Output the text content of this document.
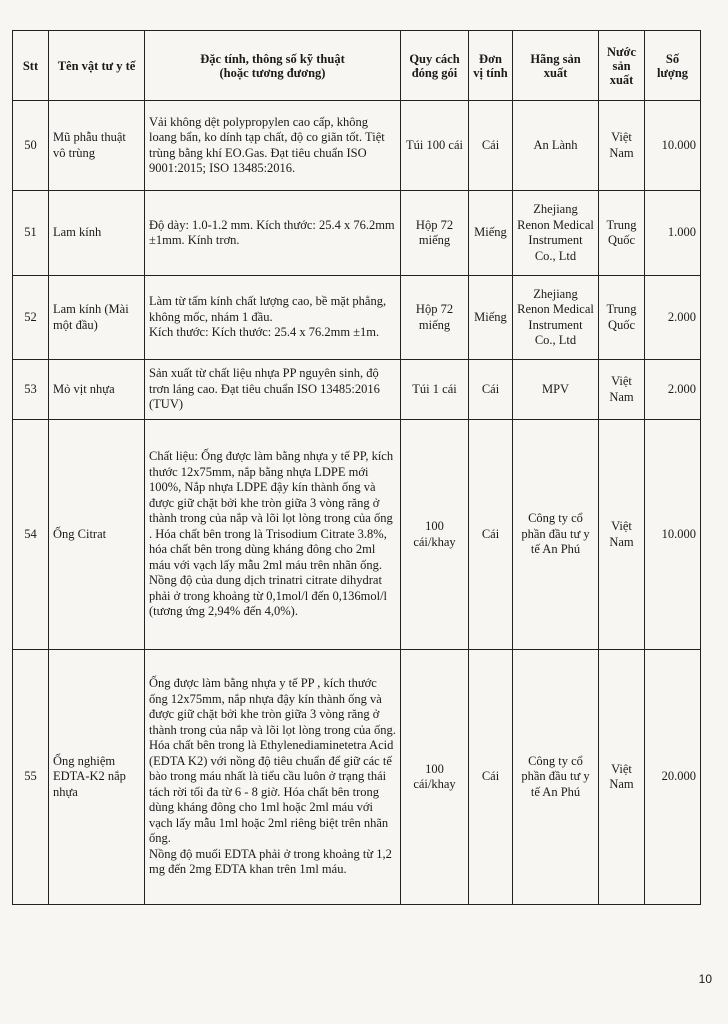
Stt	Tên vật tư y tế	Đặc tính, thông số kỹ thuật
(hoặc tương đương)	Quy cách đóng gói	Đơn vị tính	Hãng sản xuất	Nước sản xuất	Số lượng
50	Mũ phẫu thuật vô trùng	Vải không dệt polypropylen cao cấp, không loang bẩn, ko dính tạp chất, độ co giãn tốt. Tiệt trùng bằng khí EO.Gas. Đạt tiêu chuẩn ISO 9001:2015; ISO 13485:2016.	Túi 100 cái	Cái	An Lành	Việt Nam	10.000
51	Lam kính	Độ dày: 1.0-1.2 mm. Kích thước: 25.4 x 76.2mm ±1mm. Kính trơn.	Hộp 72 miếng	Miếng	Zhejiang Renon Medical Instrument Co., Ltd	Trung Quốc	1.000
52	Lam kính (Mài một đầu)	Làm từ tấm kính chất lượng cao, bề mặt phẳng, không mốc, nhám 1 đầu.
Kích thước: Kích thước: 25.4 x 76.2mm ±1m.	Hộp 72 miếng	Miếng	Zhejiang Renon Medical Instrument Co., Ltd	Trung Quốc	2.000
53	Mỏ vịt nhựa	Sản xuất từ chất liệu nhựa PP nguyên sinh, độ trơn láng cao. Đạt tiêu chuẩn ISO 13485:2016 (TUV)	Túi 1 cái	Cái	MPV	Việt Nam	2.000
54	Ống Citrat	Chất liệu: Ống được làm bằng nhựa y tế PP, kích thước 12x75mm, nắp bằng nhựa LDPE mới 100%, Nắp nhựa LDPE đậy kín thành ống và được giữ chặt bởi khe tròn giữa 3 vòng răng ở thành trong của nắp và lõi lọt lòng trong của ống . Hóa chất bên trong là Trisodium Citrate 3.8%, hóa chất bên trong dùng kháng đông cho 2ml máu với vạch lấy mẫu 2ml máu trên nhãn ống. Nồng độ của dung dịch trinatri citrate dihydrat phải ở trong khoảng từ 0,1mol/l đến 0,136mol/l (tương ứng 2,94% đến 4,0%).	100 cái/khay	Cái	Công ty cổ phần đầu tư y tế An Phú	Việt Nam	10.000
55	Ống nghiệm EDTA-K2 nắp nhựa	Ống được làm bằng nhựa y tế PP , kích thước ống 12x75mm, nắp nhựa đậy kín thành ống và được giữ chặt bởi khe tròn giữa 3 vòng răng ở thành trong của nắp và lõi lọt lòng trong của ống. Hóa chất bên trong là Ethylenediaminetetra Acid (EDTA K2) với nồng độ tiêu chuẩn để giữ các tế bào trong máu nhất là tiểu cầu luôn ở trạng thái tách rời tối đa từ 6 - 8 giờ. Hóa chất bên trong dùng kháng đông cho 1ml hoặc 2ml máu với vạch lấy mẫu 1ml hoặc 2ml riêng biệt trên nhãn ống.
Nồng độ muối EDTA phải ở trong khoảng từ 1,2 mg đến 2mg EDTA khan trên 1ml máu.	100 cái/khay	Cái	Công ty cổ phần đầu tư y tế An Phú	Việt Nam	20.000
10
